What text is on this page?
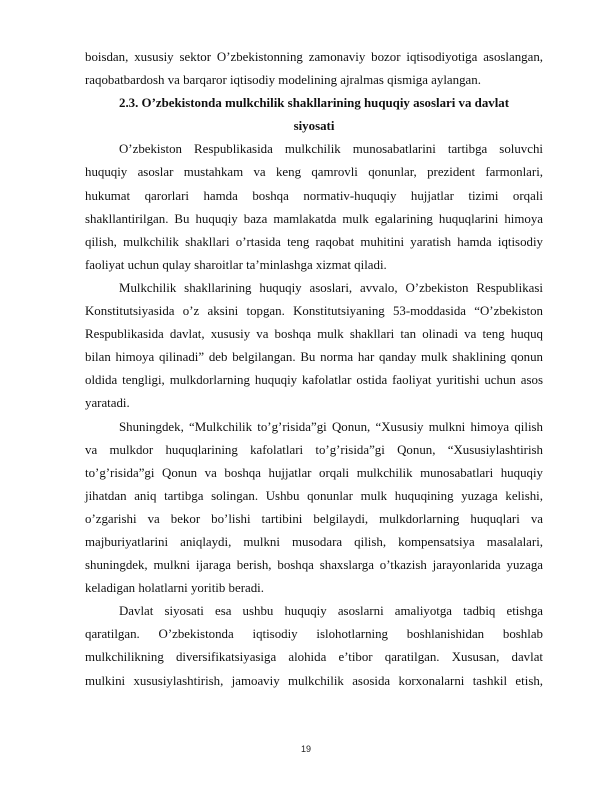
boisdan, xususiy sektor O’zbekistonning zamonaviy bozor iqtisodiyotiga asoslangan,
raqobatbardosh va barqaror iqtisodiy modelining ajralmas qismiga aylangan.
2.3. O’zbekistonda mulkchilik shakllarining huquqiy asoslari va davlat
siyosati
O’zbekiston Respublikasida mulkchilik munosabatlarini tartibga soluvchi
huquqiy asoslar mustahkam va keng qamrovli qonunlar, prezident farmonlari,
hukumat qarorlari hamda boshqa normativ-huquqiy hujjatlar tizimi orqali
shakllantirilgan. Bu huquqiy baza mamlakatda mulk egalarining huquqlarini himoya
qilish, mulkchilik shakllari o’rtasida teng raqobat muhitini yaratish hamda iqtisodiy
faoliyat uchun qulay sharoitlar ta’minlashga xizmat qiladi.
Mulkchilik shakllarining huquqiy asoslari, avvalo, O’zbekiston Respublikasi
Konstitutsiyasida o’z aksini topgan. Konstitutsiyaning 53-moddasida “O’zbekiston
Respublikasida davlat, xususiy va boshqa mulk shakllari tan olinadi va teng huquq
bilan himoya qilinadi” deb belgilangan. Bu norma har qanday mulk shaklining qonun
oldida tengligi, mulkdorlarning huquqiy kafolatlar ostida faoliyat yuritishi uchun asos
yaratadi.
Shuningdek, “Mulkchilik to’g’risida”gi Qonun, “Xususiy mulkni himoya qilish
va mulkdor huquqlarining kafolatlari to’g’risida”gi Qonun, “Xususiylashtirish
to’g’risida”gi Qonun va boshqa hujjatlar orqali mulkchilik munosabatlari huquqiy
jihatdan aniq tartibga solingan. Ushbu qonunlar mulk huquqining yuzaga kelishi,
o’zgarishi va bekor bo’lishi tartibini belgilaydi, mulkdorlarning huquqlari va
majburiyatlarini aniqlaydi, mulkni musodara qilish, kompensatsiya masalalari,
shuningdek, mulkni ijaraga berish, boshqa shaxslarga o’tkazish jarayonlarida yuzaga
keladigan holatlarni yoritib beradi.
Davlat siyosati esa ushbu huquqiy asoslarni amaliyotga tadbiq etishga
qaratilgan. O’zbekistonda iqtisodiy islohotlarning boshlanishidan boshlab
mulkchilikning diversifikatsiyasiga alohida e’tibor qaratilgan. Xususan, davlat
mulkini xususiylashtirish, jamoaviy mulkchilik asosida korxonalarni tashkil etish,
19
